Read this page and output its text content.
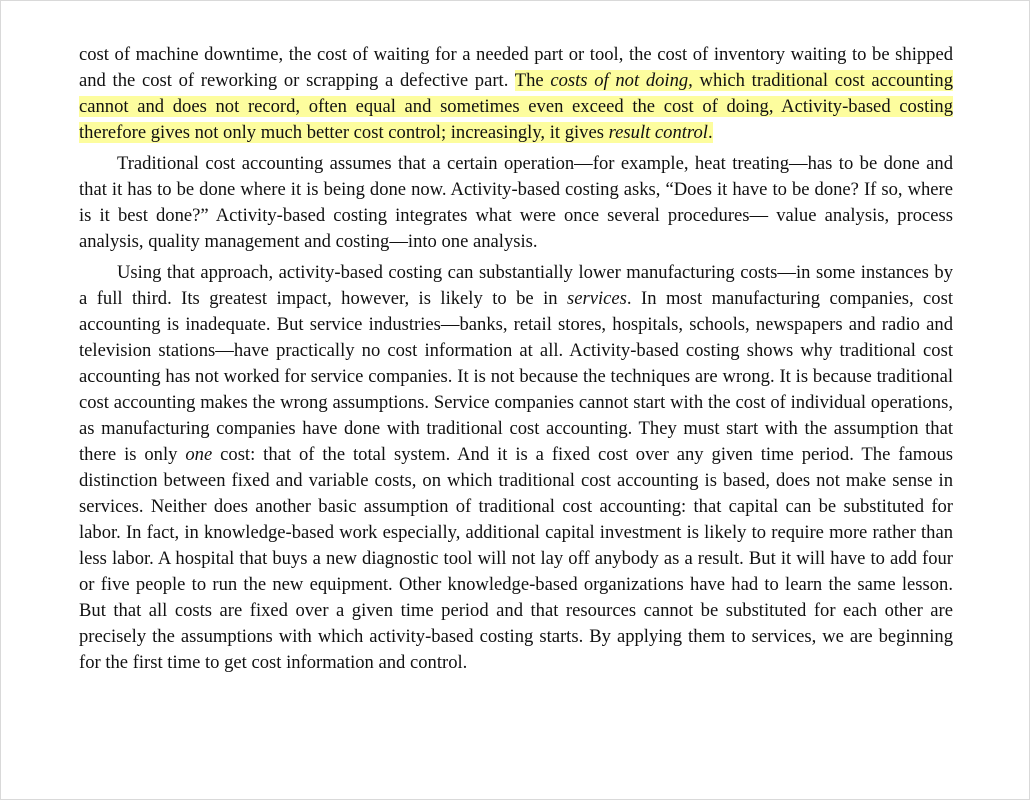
cost of machine downtime, the cost of waiting for a needed part or tool, the cost of inventory waiting to be shipped and the cost of reworking or scrapping a defective part. The costs of not doing, which traditional cost accounting cannot and does not record, often equal and sometimes even exceed the cost of doing, Activity-based costing therefore gives not only much better cost control; increasingly, it gives result control.

Traditional cost accounting assumes that a certain operation—for example, heat treating—has to be done and that it has to be done where it is being done now. Activity-based costing asks, “Does it have to be done? If so, where is it best done?” Activity-based costing integrates what were once several procedures— value analysis, process analysis, quality management and costing—into one analysis.

Using that approach, activity-based costing can substantially lower manufacturing costs—in some instances by a full third. Its greatest impact, however, is likely to be in services. In most manufacturing companies, cost accounting is inadequate. But service industries—banks, retail stores, hospitals, schools, newspapers and radio and television stations—have practically no cost information at all. Activity-based costing shows why traditional cost accounting has not worked for service companies. It is not because the techniques are wrong. It is because traditional cost accounting makes the wrong assumptions. Service companies cannot start with the cost of individual operations, as manufacturing companies have done with traditional cost accounting. They must start with the assumption that there is only one cost: that of the total system. And it is a fixed cost over any given time period. The famous distinction between fixed and variable costs, on which traditional cost accounting is based, does not make sense in services. Neither does another basic assumption of traditional cost accounting: that capital can be substituted for labor. In fact, in knowledge-based work especially, additional capital investment is likely to require more rather than less labor. A hospital that buys a new diagnostic tool will not lay off anybody as a result. But it will have to add four or five people to run the new equipment. Other knowledge-based organizations have had to learn the same lesson. But that all costs are fixed over a given time period and that resources cannot be substituted for each other are precisely the assumptions with which activity-based costing starts. By applying them to services, we are beginning for the first time to get cost information and control.
